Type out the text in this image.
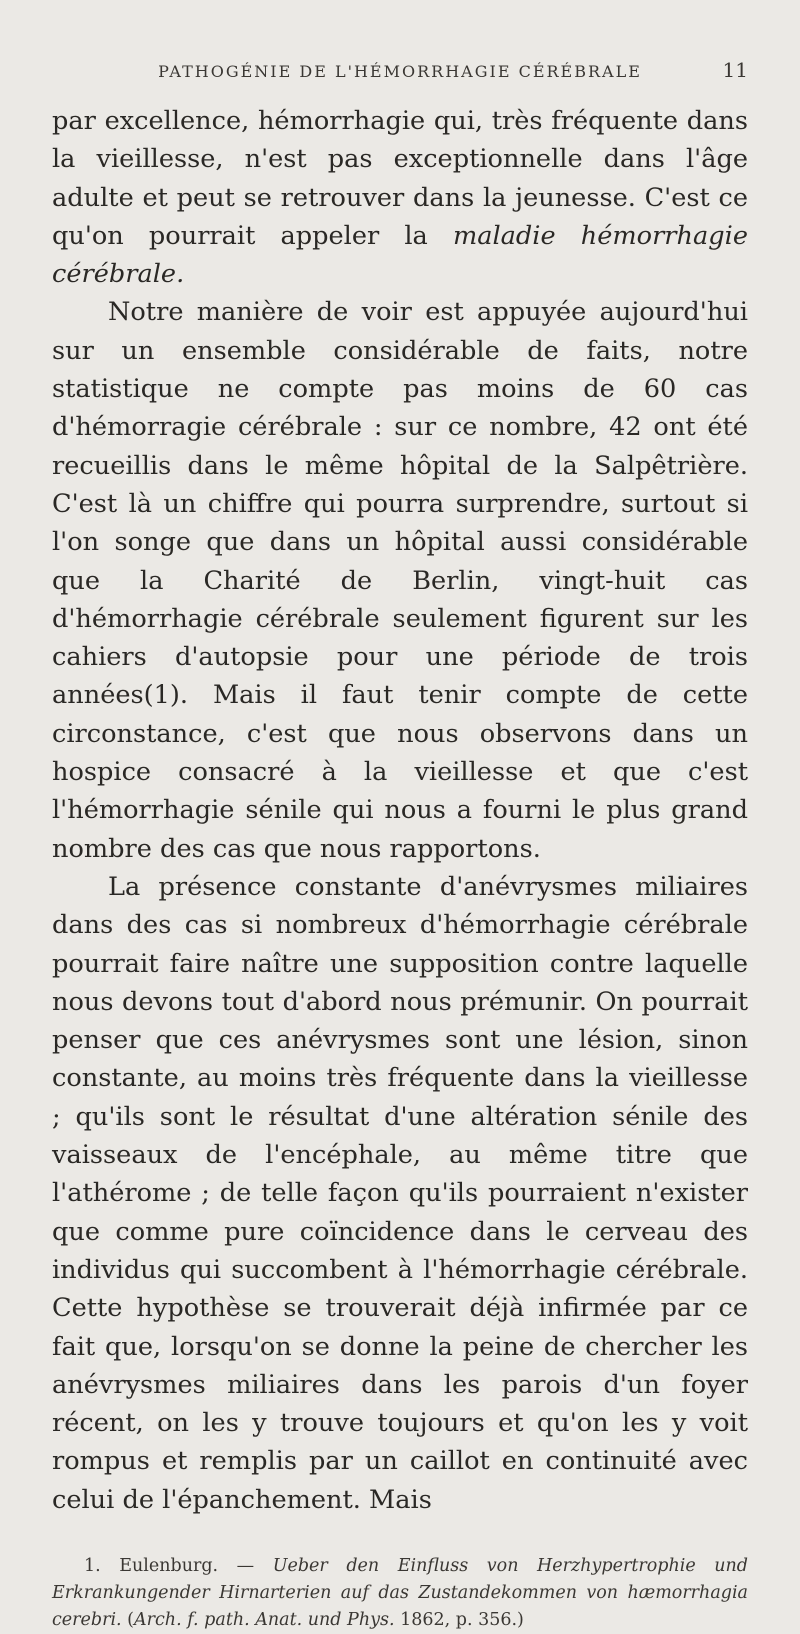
PATHOGÉNIE DE L'HÉMORRHAGIE CÉRÉBRALE	11

par excellence, hémorrhagie qui, très fréquente dans la vieillesse, n'est pas exceptionnelle dans l'âge adulte et peut se retrouver dans la jeunesse. C'est ce qu'on pourrait appeler la maladie hémorrhagie cérébrale.

Notre manière de voir est appuyée aujourd'hui sur un ensemble considérable de faits, notre statistique ne compte pas moins de 60 cas d'hémorragie cérébrale : sur ce nombre, 42 ont été recueillis dans le même hôpital de la Salpêtrière. C'est là un chiffre qui pourra surprendre, surtout si l'on songe que dans un hôpital aussi considérable que la Charité de Berlin, vingt-huit cas d'hémorrhagie cérébrale seulement figurent sur les cahiers d'autopsie pour une période de trois années(1). Mais il faut tenir compte de cette circonstance, c'est que nous observons dans un hospice consacré à la vieillesse et que c'est l'hémorrhagie sénile qui nous a fourni le plus grand nombre des cas que nous rapportons.

La présence constante d'anévrysmes miliaires dans des cas si nombreux d'hémorrhagie cérébrale pourrait faire naître une supposition contre laquelle nous devons tout d'abord nous prémunir. On pourrait penser que ces anévrysmes sont une lésion, sinon constante, au moins très fréquente dans la vieillesse ; qu'ils sont le résultat d'une altération sénile des vaisseaux de l'encéphale, au même titre que l'athérome ; de telle façon qu'ils pourraient n'exister que comme pure coïncidence dans le cerveau des individus qui succombent à l'hémorrhagie cérébrale. Cette hypothèse se trouverait déjà infirmée par ce fait que, lorsqu'on se donne la peine de chercher les anévrysmes miliaires dans les parois d'un foyer récent, on les y trouve toujours et qu'on les y voit rompus et remplis par un caillot en continuité avec celui de l'épanchement. Mais

1. Eulenburg. — Ueber den Einfluss von Herzhypertrophie und Erkrankungender Hirnarterien auf das Zustandekommen von hæmorrhagia cerebri. (Arch. f. path. Anat. und Phys. 1862, p. 356.)
